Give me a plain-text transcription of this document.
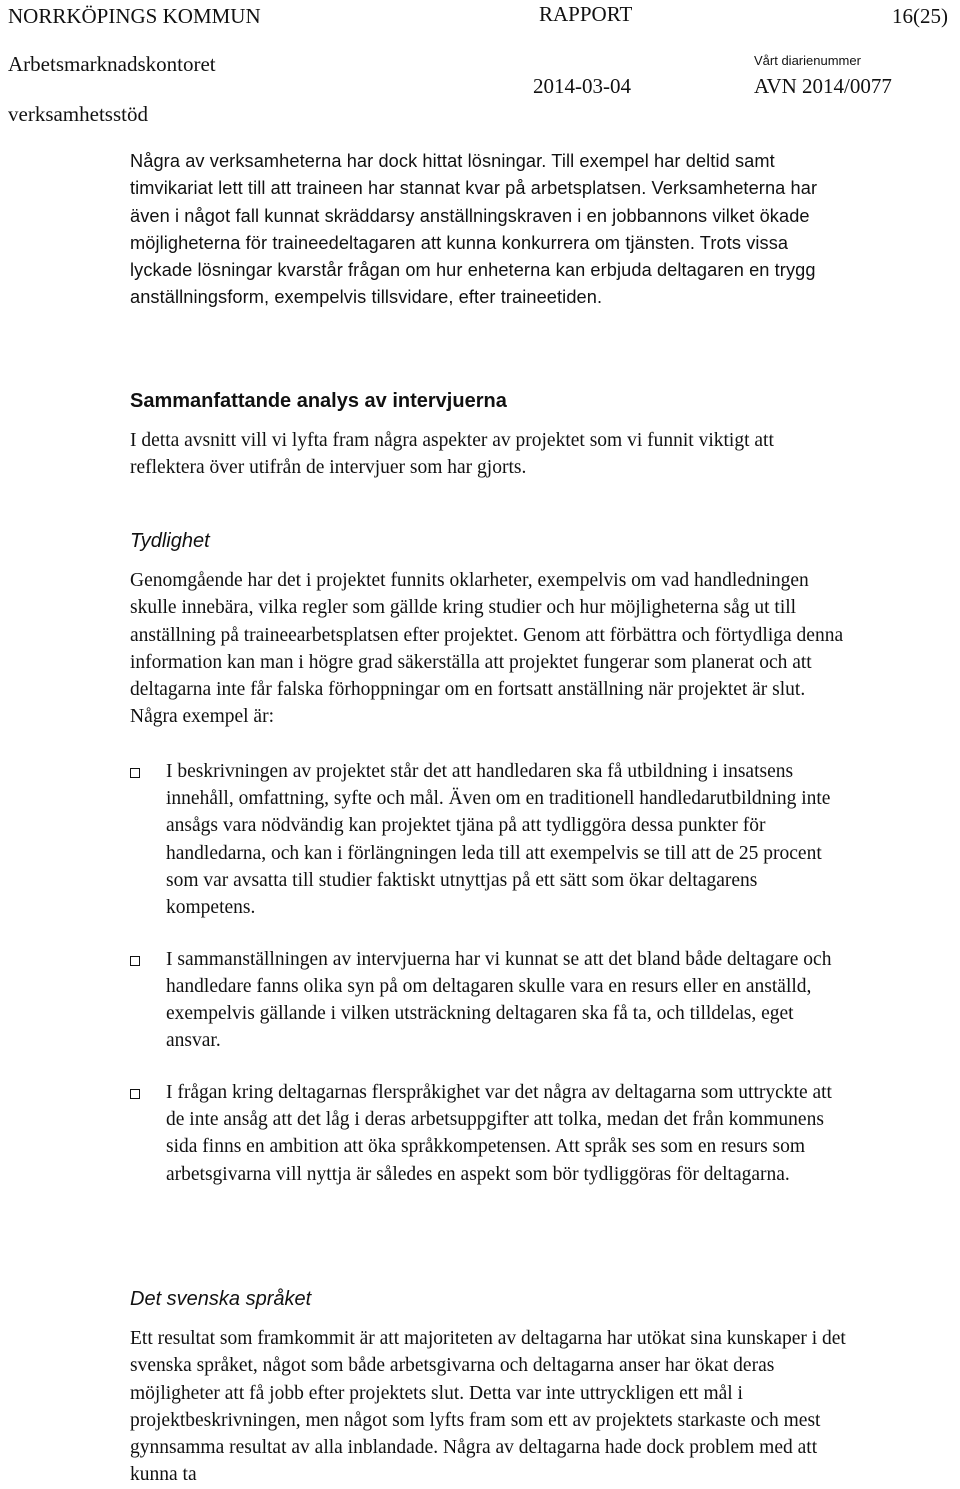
NORRKÖPINGS KOMMUN	RAPPORT	16(25)
Arbetsmarknadskontoret	Vårt diarienummer
2014-03-04	AVN 2014/0077
verksamhetsstöd

Några av verksamheterna har dock hittat lösningar. Till exempel har deltid samt timvikariat lett till att traineen har stannat kvar på arbetsplatsen. Verksamheterna har även i något fall kunnat skräddarsy anställningskraven i en jobbannons vilket ökade möjligheterna för traineedeltagaren att kunna konkurrera om tjänsten. Trots vissa lyckade lösningar kvarstår frågan om hur enheterna kan erbjuda deltagaren en trygg anställningsform, exempelvis tillsvidare, efter traineetiden.

Sammanfattande analys av intervjuerna

I detta avsnitt vill vi lyfta fram några aspekter av projektet som vi funnit viktigt att reflektera över utifrån de intervjuer som har gjorts.

Tydlighet

Genomgående har det i projektet funnits oklarheter, exempelvis om vad handledningen skulle innebära, vilka regler som gällde kring studier och hur möjligheterna såg ut till anställning på traineearbetsplatsen efter projektet. Genom att förbättra och förtydliga denna information kan man i högre grad säkerställa att projektet fungerar som planerat och att deltagarna inte får falska förhoppningar om en fortsatt anställning när projektet är slut. Några exempel är:

I beskrivningen av projektet står det att handledaren ska få utbildning i insatsens innehåll, omfattning, syfte och mål. Även om en traditionell handledarutbildning inte ansågs vara nödvändig kan projektet tjäna på att tydliggöra dessa punkter för handledarna, och kan i förlängningen leda till att exempelvis se till att de 25 procent som var avsatta till studier faktiskt utnyttjas på ett sätt som ökar deltagarens kompetens.

I sammanställningen av intervjuerna har vi kunnat se att det bland både deltagare och handledare fanns olika syn på om deltagaren skulle vara en resurs eller en anställd, exempelvis gällande i vilken utsträckning deltagaren ska få ta, och tilldelas, eget ansvar.

I frågan kring deltagarnas flerspråkighet var det några av deltagarna som uttryckte att de inte ansåg att det låg i deras arbetsuppgifter att tolka, medan det från kommunens sida finns en ambition att öka språkkompetensen. Att språk ses som en resurs som arbetsgivarna vill nyttja är således en aspekt som bör tydliggöras för deltagarna.

Det svenska språket

Ett resultat som framkommit är att majoriteten av deltagarna har utökat sina kunskaper i det svenska språket, något som både arbetsgivarna och deltagarna anser har ökat deras möjligheter att få jobb efter projektets slut. Detta var inte uttryckligen ett mål i projektbeskrivningen, men något som lyfts fram som ett av projektets starkaste och mest gynnsamma resultat av alla inblandade. Några av deltagarna hade dock problem med att kunna ta
